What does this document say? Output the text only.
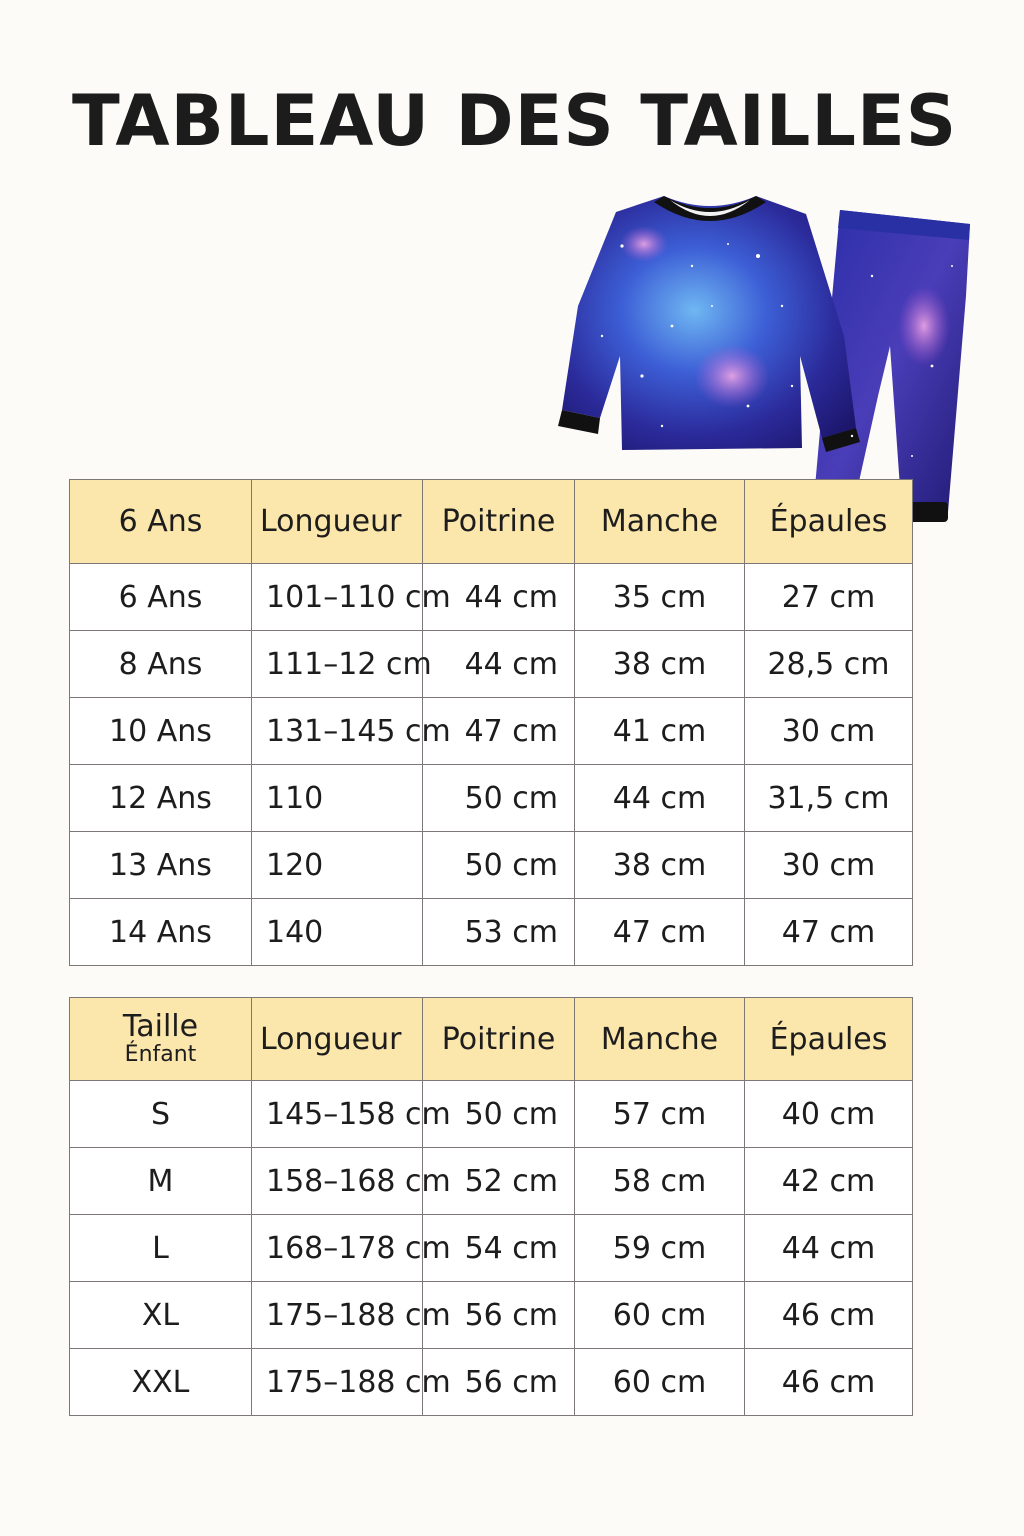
TABLEAU DES TAILLES
6 Ans	Longueur	Poitrine	Manche	Épaules
6 Ans	101–110 cm	44 cm	35 cm	27 cm
8 Ans	111–12 cm	44 cm	38 cm	28,5 cm
10 Ans	131–145 cm	47 cm	41 cm	30 cm
12 Ans	110	50 cm	44 cm	31,5 cm
13 Ans	120	50 cm	38 cm	30 cm
14 Ans	140	53 cm	47 cm	47 cm
Taille
Énfant	Longueur	Poitrine	Manche	Épaules
S	145–158 cm	50 cm	57 cm	40 cm
M	158–168 cm	52 cm	58 cm	42 cm
L	168–178 cm	54 cm	59 cm	44 cm
XL	175–188 cm	56 cm	60 cm	46 cm
XXL	175–188 cm	56 cm	60 cm	46 cm
